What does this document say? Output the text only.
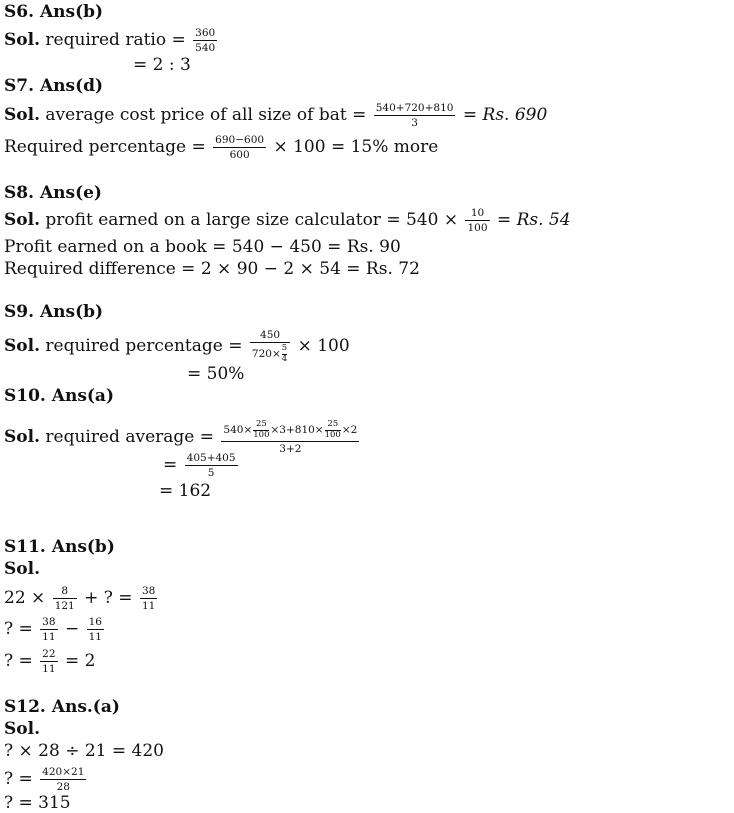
S6. Ans(b)
Sol. required ratio = $\frac{360}{540}$
= 2 : 3
S7. Ans(d)
Sol. average cost price of all size of bat = $\frac{540+720+810}{3} = Rs$. 690
Required percentage = $\frac{690-600}{600} \times 100 = 15\%$ more
S8. Ans(e)
Sol. profit earned on a large size calculator = $540 \times \frac{10}{100} = Rs$. 54
Profit earned on a book = 540 − 450 = Rs. 90
Required difference = 2 × 90 − 2 × 54 = Rs. 72
S9. Ans(b)
Sol. required percentage = $\frac{450}{720\times \frac{5}{4}} \times 100$
= 50%
S10. Ans(a)
Sol. required average = $\frac{540\times \frac{25}{100} \times 3+810\times \frac{25}{100} \times 2}{3+2}$
= $\frac{405+405}{5}$
= 162
S11. Ans(b)
Sol.
$22 \times \frac{8}{121}$ + ? = $\frac{38}{11}$
? = $\frac{38}{11} - \frac{16}{11}$
? = $\frac{22}{11} = 2$
S12. Ans.(a)
Sol.
? × 28 ÷ 21 = 420
? = $\frac{420\times 21}{28}$
? = 315
